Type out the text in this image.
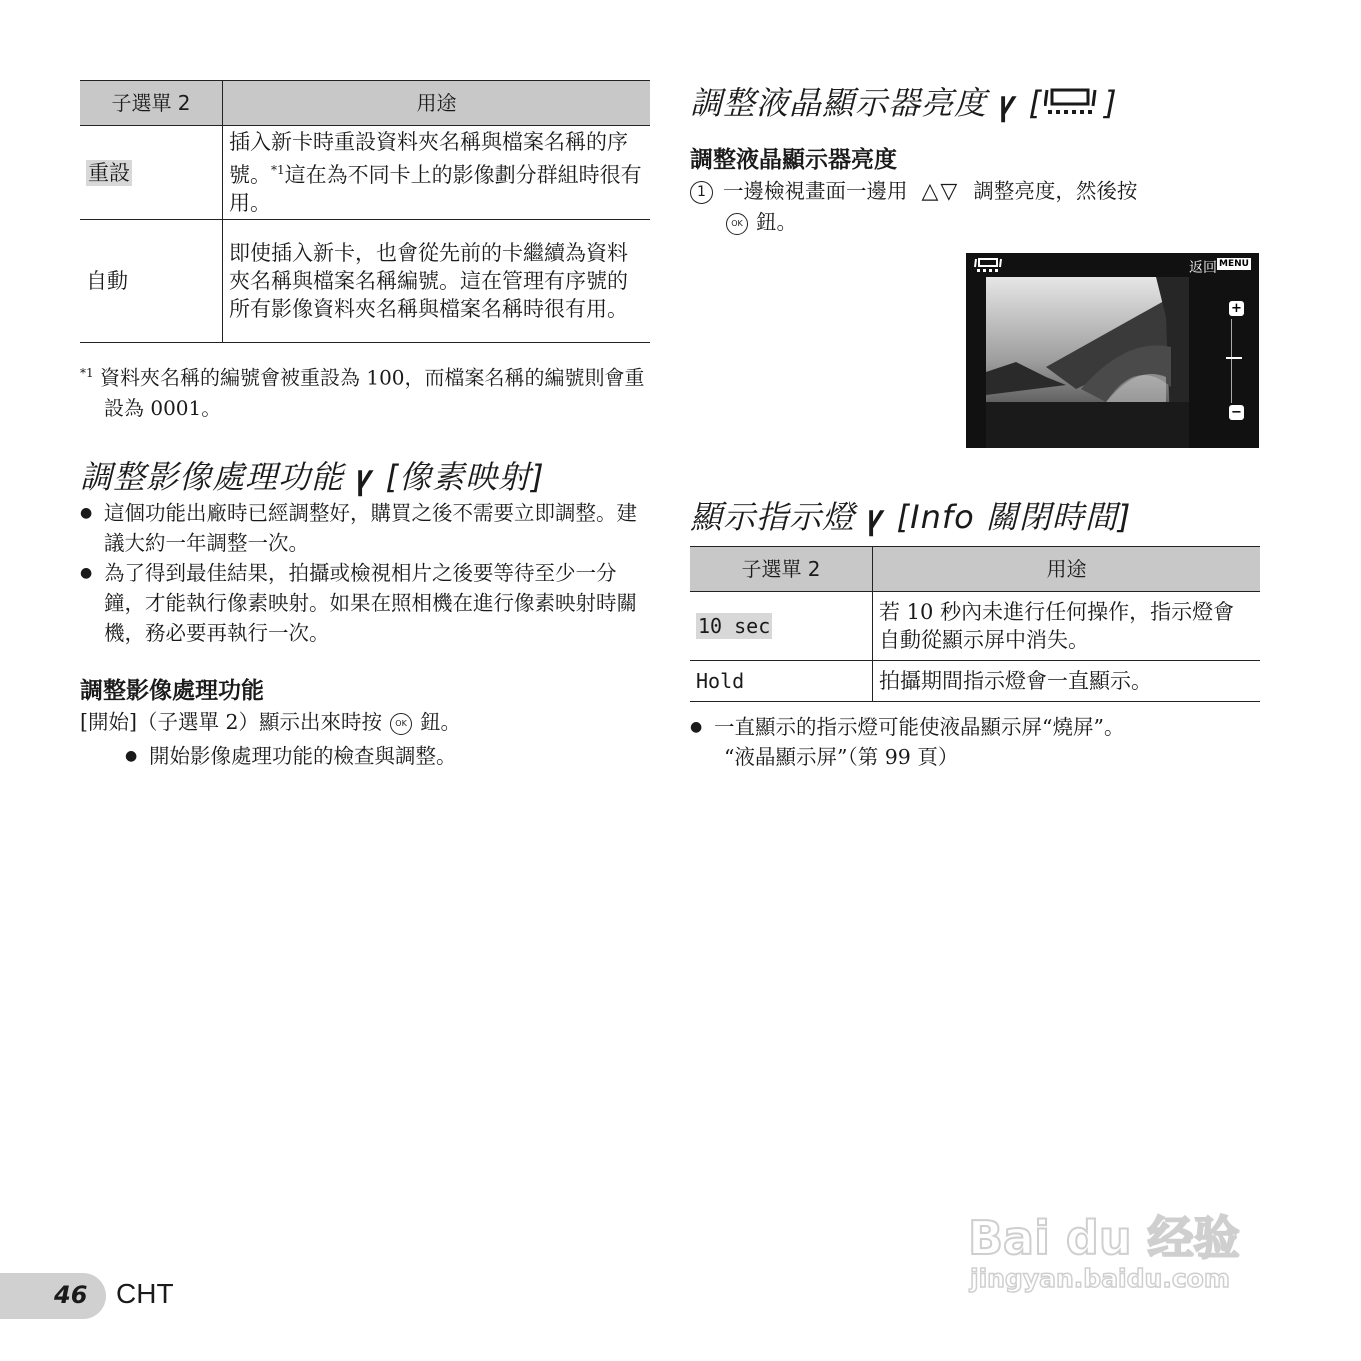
子選單 2	用途
重設	插入新卡時重設資料夾名稱與檔案名稱的序號。$^{*1}$這在為不同卡上的影像劃分群組時很有用。
自動	即使插入新卡，也會從先前的卡繼續為資料夾名稱與檔案名稱編號。這在管理有序號的所有影像資料夾名稱與檔案名稱時很有用。
$^{*1}$ 資料夾名稱的編號會被重設為 100，而檔案名稱的編號則會重設為 0001。
調整影像處理功能 ꝩ [像素映射]
● 這個功能出廠時已經調整好，購買之後不需要立即調整。建議大約一年調整一次。
● 為了得到最佳結果，拍攝或檢視相片之後要等待至少一分鐘，才能執行像素映射。如果在照相機在進行像素映射時關機，務必要再執行一次。
調整影像處理功能
[開始]（子選單 2）顯示出來時按 OK 鈕。
● 開始影像處理功能的檢查與調整。
調整液晶顯示器亮度 ꝩ [ ]
調整液晶顯示器亮度
1 一邊檢視畫面一邊用 △▽ 調整亮度，然後按
OK 鈕。
顯示指示燈 ꝩ [Info 關閉時間]
子選單 2	用途
10 sec	若 10 秒內未進行任何操作，指示燈會自動從顯示屏中消失。
Hold	拍攝期間指示燈會一直顯示。
● 一直顯示的指示燈可能使液晶顯示屏“燒屏”。
“液晶顯示屏”（第 99 頁）
返回 MENU
+
−
46 CHT
Bai du 经验
jingyan.baidu.com
